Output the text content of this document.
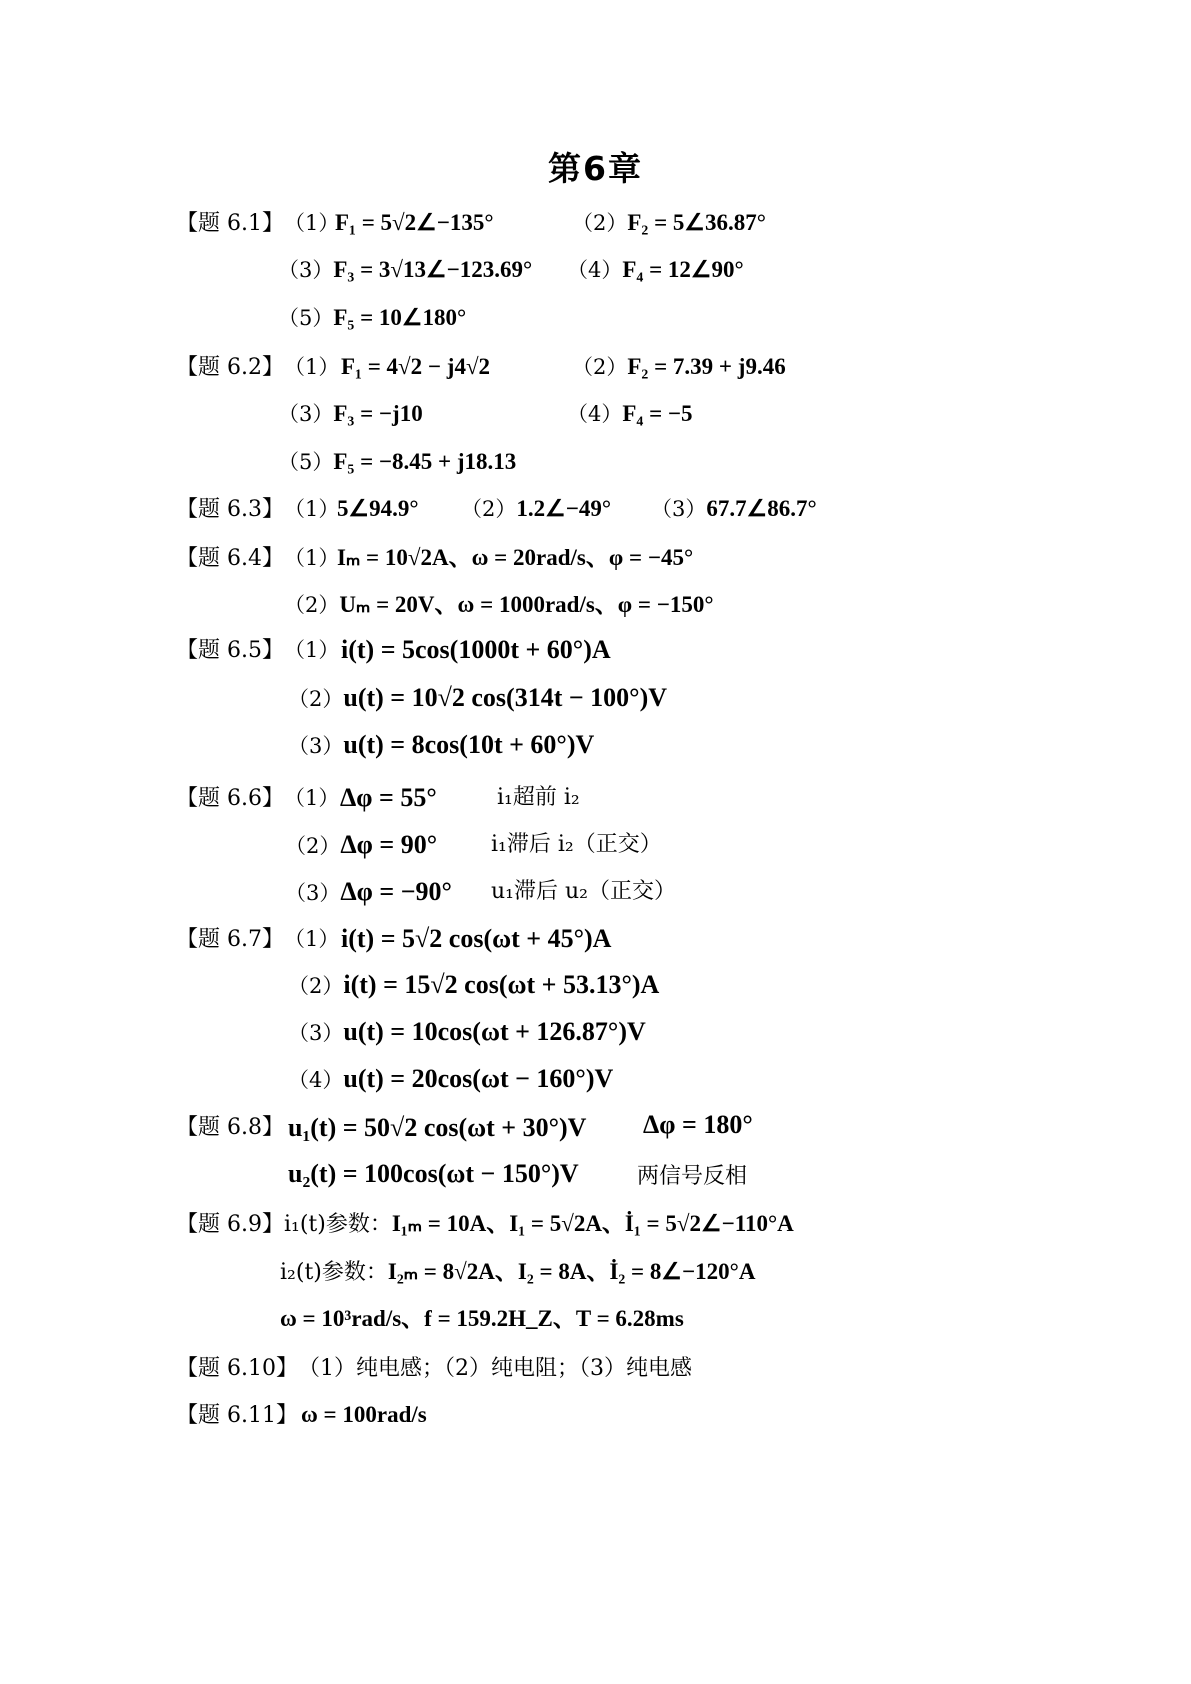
第6章
【题 6.1】（1）
F₁ = 5√2∠−135°	（2）F₂ = 5∠36.87°
（3）F₃ = 3√13∠−123.69° （4）F₄ = 12∠90°
（5）F₅ = 10∠180°
【题 6.2】（1） F₁ = 4√2 − j4√2	（2）F₂ = 7.39 + j9.46
（3）F₃ = −j10	（4）F₄ = −5
（5）F₅ = −8.45 + j18.13
【题 6.3】（1）
5∠94.9° （2）1.2∠−49° （3）67.7∠86.7°
【题 6.4】（1）
Iₘ = 10√2A、ω = 20rad/s、φ = −45°
（2）Uₘ = 20V、ω = 1000rad/s、φ = −150°
【题 6.5】（1） i(t) = 5cos(1000t + 60°)A
（2）u(t) = 10√2 cos(314t − 100°)V
（3）u(t) = 8cos(10t + 60°)V
【题 6.6】（1） Δφ = 55°	i₁超前 i₂
（2）Δφ = 90° i₁滞后 i₂（正交）
（3）Δφ = −90° u₁滞后 u₂（正交）
【题 6.7】（1） i(t) = 5√2 cos(ωt + 45°)A
（2）i(t) = 15√2 cos(ωt + 53.13°)A
（3）u(t) = 10cos(ωt + 126.87°)V
（4）u(t) = 20cos(ωt − 160°)V
【题 6.8】 u₁(t) = 50√2 cos(ωt + 30°)V Δφ = 180°
u₂(t) = 100cos(ωt − 150°)V	两信号反相
【题 6.9】i₁(t)参数：I₁ₘ = 10A、I₁ = 5√2A、İ₁ = 5√2∠−110°A
i₂(t)参数：I₂ₘ = 8√2A、I₂ = 8A、İ₂ = 8∠−120°A
ω = 10³rad/s、f = 159.2H_Z、T = 6.28ms
【题 6.10】（1）纯电感；（2）纯电阻；（3）纯电感
【题 6.11】 ω = 100rad/s
